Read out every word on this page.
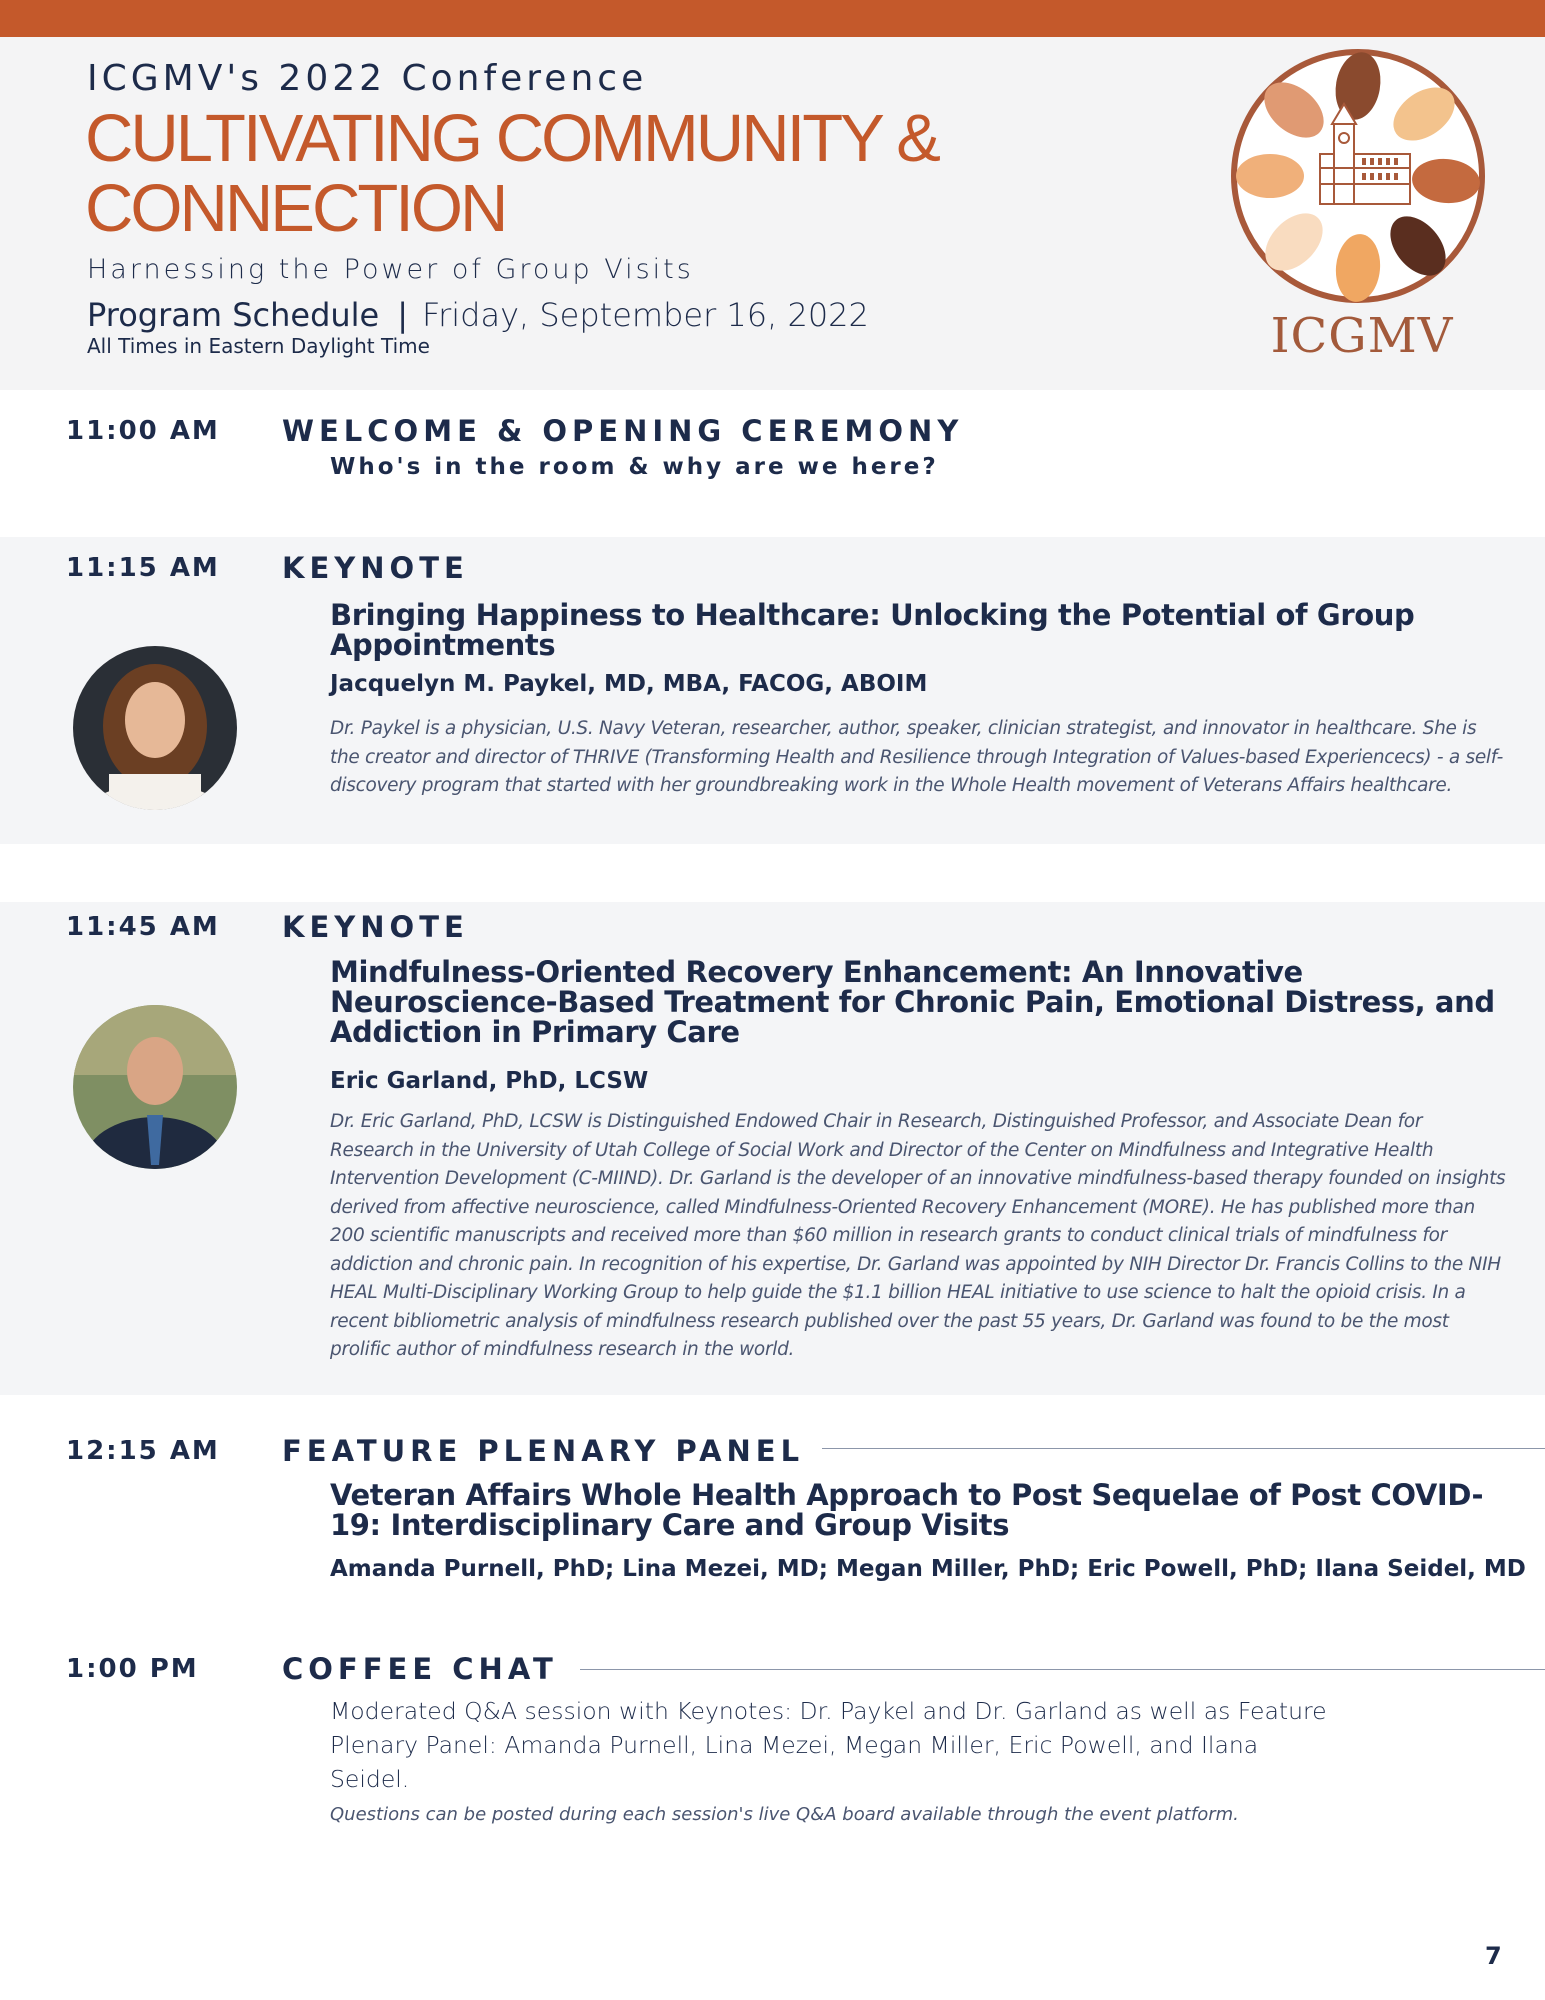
ICGMV's 2022 Conference
CULTIVATING COMMUNITY &
CONNECTION
Harnessing the Power of Group Visits
Program Schedule | Friday, September 16, 2022
All Times in Eastern Daylight Time	ICGMV
11:00 AM WELCOME & OPENING CEREMONY
Who's in the room & why are we here?
11:15 AM KEYNOTE
Bringing Happiness to Healthcare: Unlocking the Potential of Group Appointments
Jacquelyn M. Paykel, MD, MBA, FACOG, ABOIM
Dr. Paykel is a physician, U.S. Navy Veteran, researcher, author, speaker, clinician strategist, and innovator in healthcare. She is the creator and director of THRIVE (Transforming Health and Resilience through Integration of Values-based Experiencecs) - a self-discovery program that started with her groundbreaking work in the Whole Health movement of Veterans Affairs healthcare.
11:45 AM KEYNOTE
Mindfulness-Oriented Recovery Enhancement: An Innovative Neuroscience-Based Treatment for Chronic Pain, Emotional Distress, and Addiction in Primary Care
Eric Garland, PhD, LCSW
Dr. Eric Garland, PhD, LCSW is Distinguished Endowed Chair in Research, Distinguished Professor, and Associate Dean for Research in the University of Utah College of Social Work and Director of the Center on Mindfulness and Integrative Health Intervention Development (C-MIIND). Dr. Garland is the developer of an innovative mindfulness-based therapy founded on insights derived from affective neuroscience, called Mindfulness-Oriented Recovery Enhancement (MORE). He has published more than 200 scientific manuscripts and received more than $60 million in research grants to conduct clinical trials of mindfulness for addiction and chronic pain. In recognition of his expertise, Dr. Garland was appointed by NIH Director Dr. Francis Collins to the NIH HEAL Multi-Disciplinary Working Group to help guide the $1.1 billion HEAL initiative to use science to halt the opioid crisis. In a recent bibliometric analysis of mindfulness research published over the past 55 years, Dr. Garland was found to be the most prolific author of mindfulness research in the world.
12:15 AM FEATURE PLENARY PANEL
Veteran Affairs Whole Health Approach to Post Sequelae of Post COVID-19: Interdisciplinary Care and Group Visits
Amanda Purnell, PhD; Lina Mezei, MD; Megan Miller, PhD; Eric Powell, PhD; Ilana Seidel, MD
1:00 PM	COFFEE CHAT
Moderated Q&A session with Keynotes: Dr. Paykel and Dr. Garland as well as Feature Plenary Panel: Amanda Purnell, Lina Mezei, Megan Miller, Eric Powell, and Ilana Seidel.
Questions can be posted during each session's live Q&A board available through the event platform.
7
